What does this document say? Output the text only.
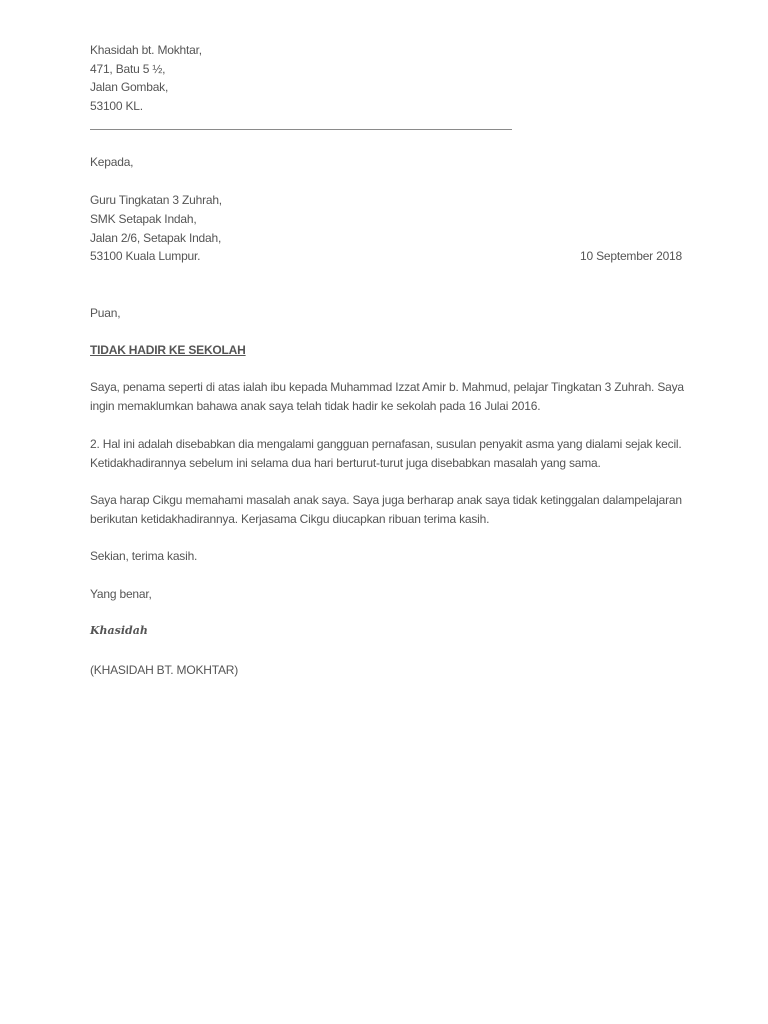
Khasidah bt. Mokhtar,
471, Batu 5 ½,
Jalan Gombak,
53100 KL.
Kepada,
Guru Tingkatan 3 Zuhrah,
SMK Setapak Indah,
Jalan 2/6, Setapak Indah,
53100 Kuala Lumpur.	10 September 2018
Puan,
TIDAK HADIR KE SEKOLAH
Saya, penama seperti di atas ialah ibu kepada Muhammad Izzat Amir b. Mahmud, pelajar Tingkatan 3 Zuhrah. Saya
ingin memaklumkan bahawa anak saya telah tidak hadir ke sekolah pada 16 Julai 2016.
2. Hal ini adalah disebabkan dia mengalami gangguan pernafasan, susulan penyakit asma yang dialami sejak kecil.
Ketidakhadirannya sebelum ini selama dua hari berturut-turut juga disebabkan masalah yang sama.
Saya harap Cikgu memahami masalah anak saya. Saya juga berharap anak saya tidak ketinggalan dalampelajaran
berikutan ketidakhadirannya. Kerjasama Cikgu diucapkan ribuan terima kasih.
Sekian, terima kasih.
Yang benar,
Khasidah
(KHASIDAH BT. MOKHTAR)
